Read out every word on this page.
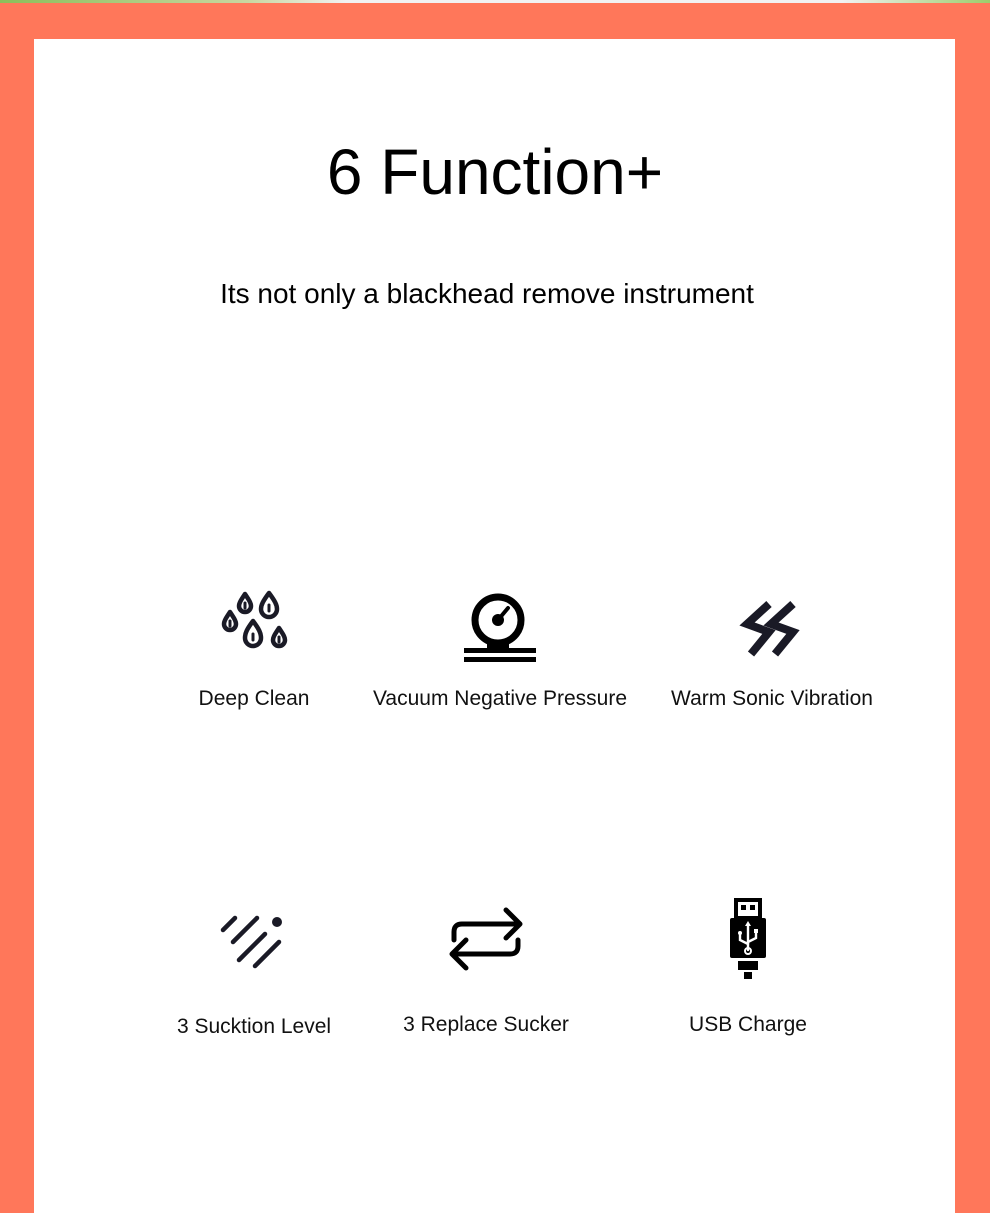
6 Function+
Its not only a blackhead remove instrument
Deep Clean	Vacuum Negative Pressure	Warm Sonic Vibration
3 Sucktion Level	3 Replace Sucker	USB Charge
